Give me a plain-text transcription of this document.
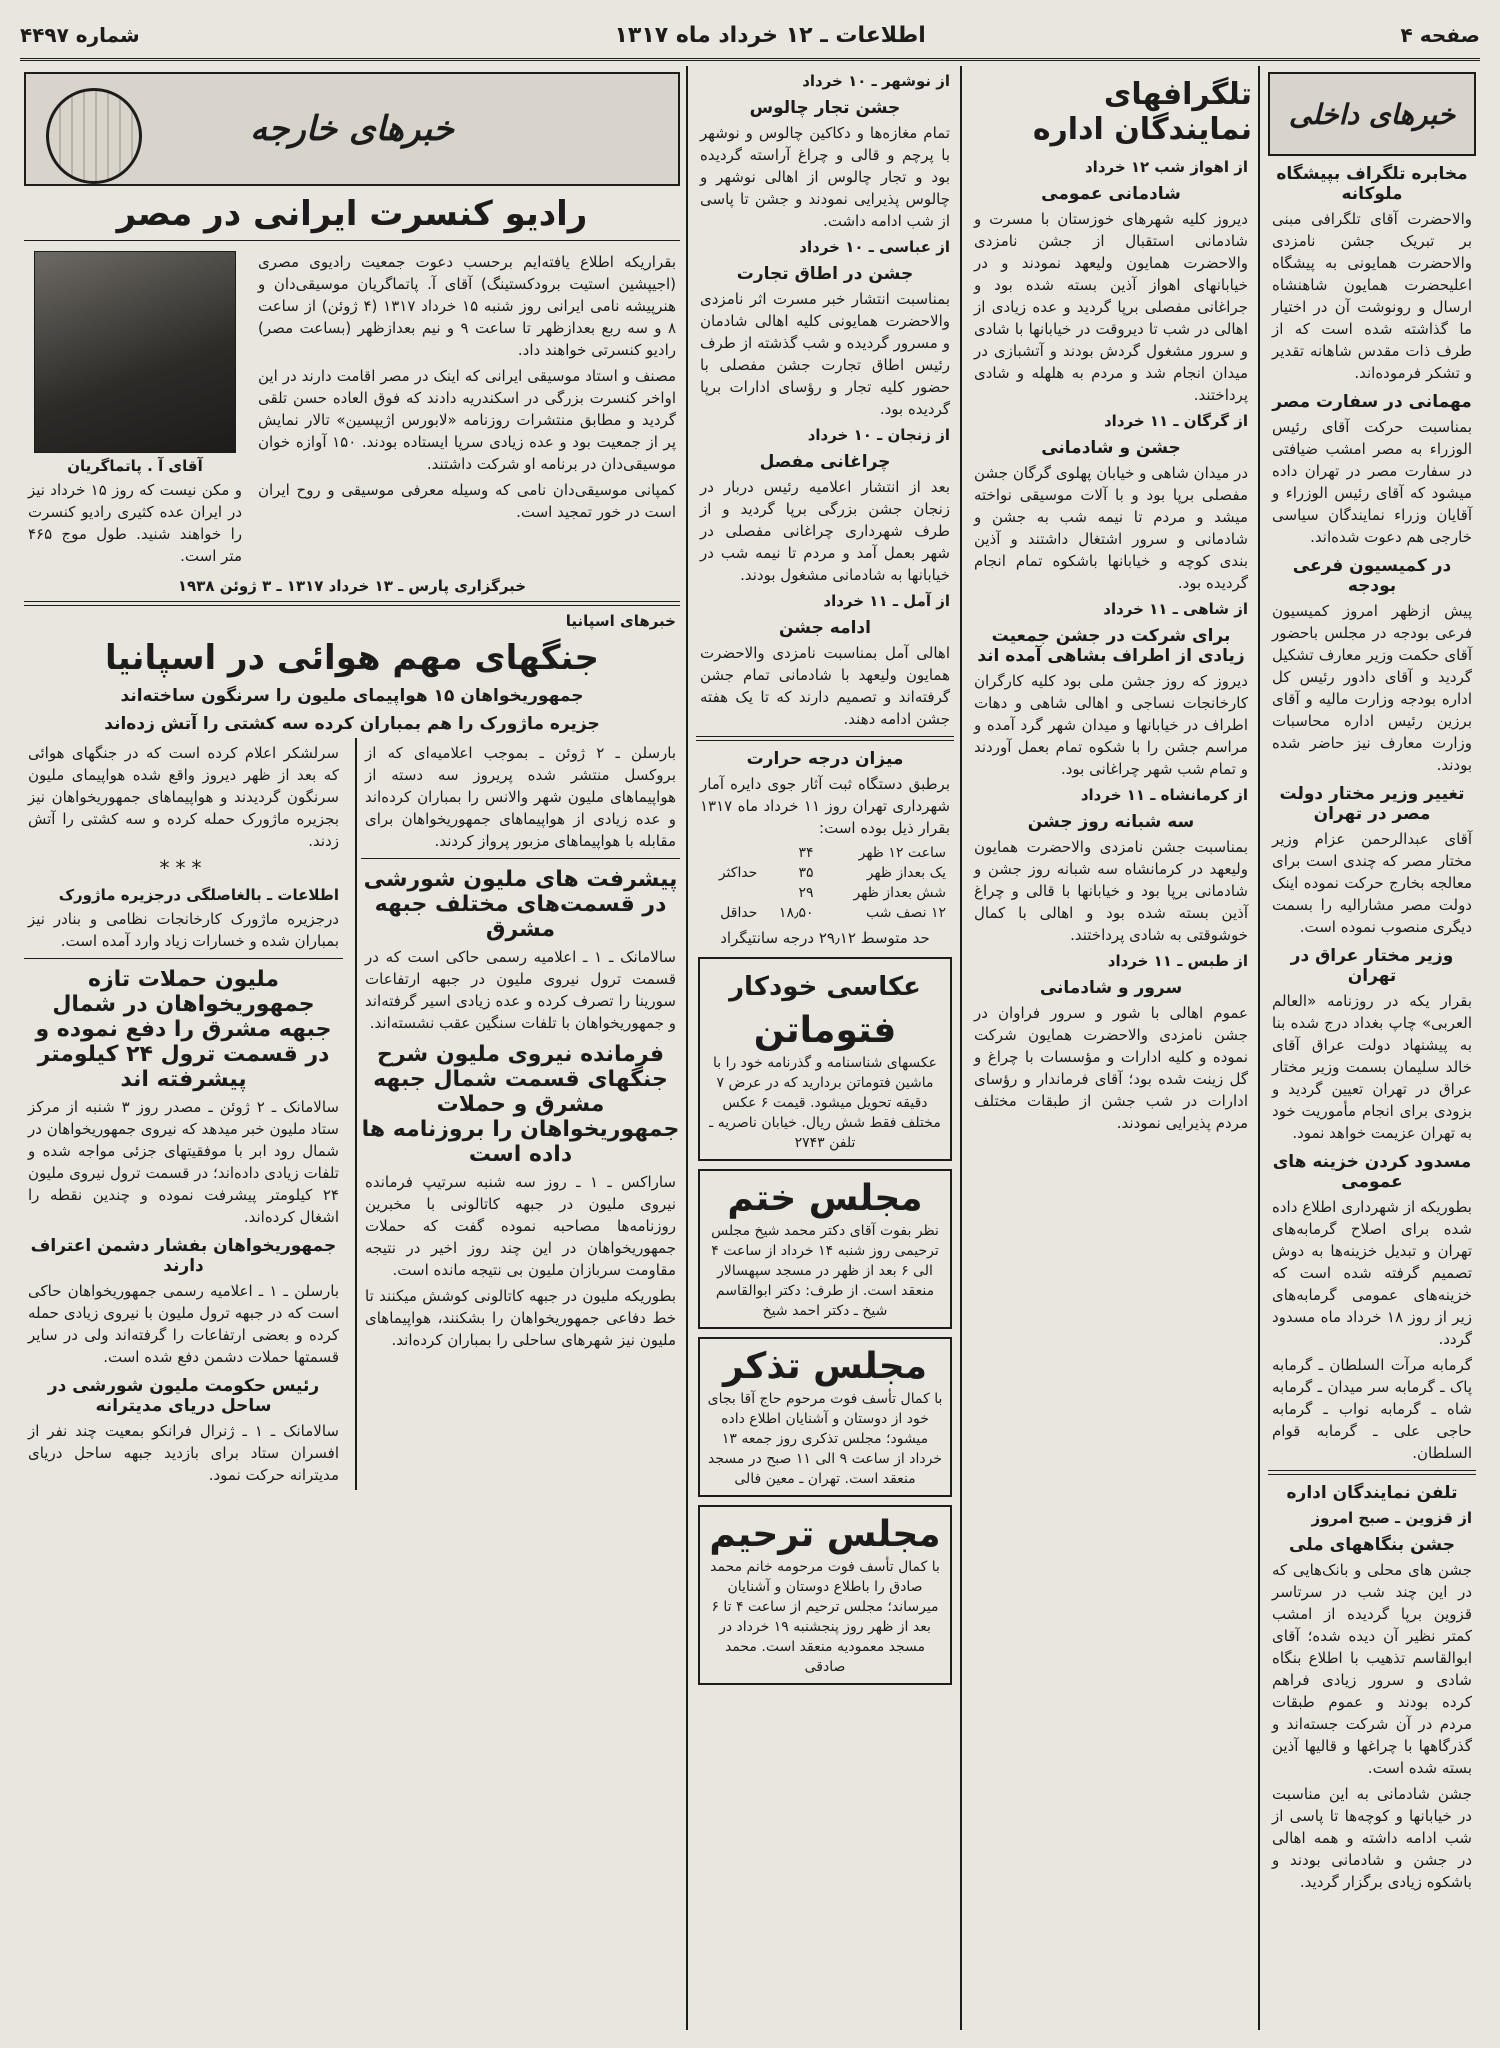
صفحه ۴
اطلاعات ـ ۱۲ خرداد ماه ۱۳۱۷
شماره ۴۴۹۷
خبرهای داخلی
مخابره تلگراف بپیشگاه ملوکانه
والاحضرت آقای تلگرافی مبنی بر تبریک جشن نامزدی والاحضرت همایونی به پیشگاه اعلیحضرت همایون شاهنشاه ارسال و رونوشت آن در اختیار ما گذاشته شده است که از طرف ذات مقدس شاهانه تقدیر و تشکر فرموده‌اند.
مهمانی در سفارت مصر
بمناسبت حرکت آقای رئیس الوزراء به مصر امشب ضیافتی در سفارت مصر در تهران داده میشود که آقای رئیس الوزراء و آقایان وزراء نمایندگان سیاسی خارجی هم دعوت شده‌اند.
در کمیسیون فرعی بودجه
پیش ازظهر امروز کمیسیون فرعی بودجه در مجلس باحضور آقای حکمت وزیر معارف تشکیل گردید و آقای دادور رئیس کل اداره بودجه وزارت مالیه و آقای برزین رئیس اداره محاسبات وزارت معارف نیز حاضر شده بودند.
تغییر وزیر مختار دولت مصر در تهران
آقای عبدالرحمن عزام وزیر مختار مصر که چندی است برای معالجه بخارج حرکت نموده اینک دولت مصر مشارالیه را بسمت دیگری منصوب نموده است.
وزیر مختار عراق در تهران
بقرار یکه در روزنامه «العالم العربی» چاپ بغداد درج شده بنا به پیشنهاد دولت عراق آقای خالد سلیمان بسمت وزیر مختار عراق در تهران تعیین گردید و بزودی برای انجام مأموریت خود به تهران عزیمت خواهد نمود.
مسدود کردن خزینه های عمومی
بطوریکه از شهرداری اطلاع داده شده برای اصلاح گرمابه‌های تهران و تبدیل خزینه‌ها به دوش تصمیم گرفته شده است که خزینه‌های عمومی گرمابه‌های زیر از روز ۱۸ خرداد ماه مسدود گردد.
گرمابه مرآت السلطان ـ گرمابه پاک ـ گرمابه سر میدان ـ گرمابه شاه ـ گرمابه نواب ـ گرمابه حاجی علی ـ گرمابه قوام السلطان.
تلفن نمایندگان اداره
از قزوین ـ صبح امروز
جشن بنگاههای ملی
جشن های محلی و بانک‌هایی که در این چند شب در سرتاسر قزوین برپا گردیده از امشب کمتر نظیر آن دیده شده؛ آقای ابوالقاسم تذهیب با اطلاع بنگاه شادی و سرور زیادی فراهم کرده بودند و عموم طبقات مردم در آن شرکت جسته‌اند و گذرگاهها با چراغها و قالیها آذین بسته شده است.
جشن شادمانی به این مناسبت در خیابانها و کوچه‌ها تا پاسی از شب ادامه داشته و همه اهالی در جشن و شادمانی بودند و باشکوه زیادی برگزار گردید.
تلگرافهای نمایندگان اداره
از اهواز شب ۱۲ خرداد
شادمانی عمومی
دیروز کلیه شهرهای خوزستان با مسرت و شادمانی استقبال از جشن نامزدی والاحضرت همایون ولیعهد نمودند و در خیابانهای اهواز آذین بسته شده بود و جراغانی مفصلی برپا گردید و عده زیادی از اهالی در شب تا دیروقت در خیابانها با شادی و سرور مشغول گردش بودند و آتشبازی در میدان انجام شد و مردم به هلهله و شادی پرداختند.
از گرگان ـ ۱۱ خرداد
جشن و شادمانی
در میدان شاهی و خیابان پهلوی گرگان جشن مفصلی برپا بود و با آلات موسیقی نواخته میشد و مردم تا نیمه شب به جشن و شادمانی و سرور اشتغال داشتند و آذین بندی کوچه و خیابانها باشکوه تمام انجام گردیده بود.
از شاهی ـ ۱۱ خرداد
برای شرکت در جشن جمعیت زیادی از اطراف بشاهی آمده اند
دیروز که روز جشن ملی بود کلیه کارگران کارخانجات نساجی و اهالی شاهی و دهات اطراف در خیابانها و میدان شهر گرد آمده و مراسم جشن را با شکوه تمام بعمل آوردند و تمام شب شهر چراغانی بود.
از کرمانشاه ـ ۱۱ خرداد
سه شبانه روز جشن
بمناسبت جشن نامزدی والاحضرت همایون ولیعهد در کرمانشاه سه شبانه روز جشن و شادمانی برپا بود و خیابانها با قالی و چراغ آذین بسته شده بود و اهالی با کمال خوشوقتی به شادی پرداختند.
از طبس ـ ۱۱ خرداد
سرور و شادمانی
عموم اهالی با شور و سرور فراوان در جشن نامزدی والاحضرت همایون شرکت نموده و کلیه ادارات و مؤسسات با چراغ و گل زینت شده بود؛ آقای فرماندار و رؤسای ادارات در شب جشن از طبقات مختلف مردم پذیرایی نمودند.
از نوشهر ـ ۱۰ خرداد
جشن تجار چالوس
تمام مغازه‌ها و دکاکین چالوس و نوشهر با پرچم و قالی و چراغ آراسته گردیده بود و تجار چالوس از اهالی نوشهر و چالوس پذیرایی نمودند و جشن تا پاسی از شب ادامه داشت.
از عباسی ـ ۱۰ خرداد
جشن در اطاق تجارت
بمناسبت انتشار خبر مسرت اثر نامزدی والاحضرت همایونی کلیه اهالی شادمان و مسرور گردیده و شب گذشته از طرف رئیس اطاق تجارت جشن مفصلی با حضور کلیه تجار و رؤسای ادارات برپا گردیده بود.
از زنجان ـ ۱۰ خرداد
چراغانی مفصل
بعد از انتشار اعلامیه رئیس دربار در زنجان جشن بزرگی برپا گردید و از طرف شهرداری چراغانی مفصلی در شهر بعمل آمد و مردم تا نیمه شب در خیابانها به شادمانی مشغول بودند.
از آمل ـ ۱۱ خرداد
ادامه جشن
اهالی آمل بمناسبت نامزدی والاحضرت همایون ولیعهد با شادمانی تمام جشن گرفته‌اند و تصمیم دارند که تا یک هفته جشن ادامه دهند.
میزان درجه حرارت
برطبق دستگاه ثبت آثار جوی دایره آمار شهرداری تهران روز ۱۱ خرداد ماه ۱۳۱۷ بقرار ذیل بوده است:
ساعت ۱۲ ظهر	۳۴	
یک بعداز ظهر	۳۵	حداکثر
شش بعداز ظهر	۲۹	
۱۲ نصف شب	۱۸٫۵۰	حداقل
حد متوسط ۲۹٫۱۲ درجه سانتیگراد
عکاسی خودکار
فتوماتن
عکسهای شناسنامه و گذرنامه خود را با ماشین فتوماتن بردارید که در عرض ۷ دقیقه تحویل میشود. قیمت ۶ عکس مختلف فقط شش ریال. خیابان ناصریه ـ تلفن ۲۷۴۳
مجلس ختم
نظر بفوت آقای دکتر محمد شیخ مجلس ترحیمی روز شنبه ۱۴ خرداد از ساعت ۴ الی ۶ بعد از ظهر در مسجد سپهسالار منعقد است. از طرف: دکتر ابوالقاسم شیخ ـ دکتر احمد شیخ
مجلس تذکر
با کمال تأسف فوت مرحوم حاج آقا بجای خود از دوستان و آشنایان اطلاع داده میشود؛ مجلس تذکری روز جمعه ۱۳ خرداد از ساعت ۹ الی ۱۱ صبح در مسجد منعقد است. تهران ـ معین فالی
مجلس ترحیم
با کمال تأسف فوت مرحومه خانم محمد صادق را باطلاع دوستان و آشنایان میرساند؛ مجلس ترحیم از ساعت ۴ تا ۶ بعد از ظهر روز پنجشنبه ۱۹ خرداد در مسجد معمودیه منعقد است. محمد صادقی
خبرهای خارجه
رادیو کنسرت ایرانی در مصر
بقراریکه اطلاع یافته‌ایم برحسب دعوت جمعیت رادیوی مصری (اجیپشین استیت برودکستینگ) آقای آ. پاتماگریان موسیقی‌دان و هنرپیشه نامی ایرانی روز شنبه ۱۵ خرداد ۱۳۱۷ (۴ ژوئن) از ساعت ۸ و سه ربع بعدازظهر تا ساعت ۹ و نیم بعدازظهر (بساعت مصر) رادیو کنسرتی خواهند داد.
مصنف و استاد موسیقی ایرانی که اینک در مصر اقامت دارند در این اواخر کنسرت بزرگی در اسکندریه دادند که فوق العاده حسن تلقی گردید و مطابق منتشرات روزنامه «لابورس اژیپسین» تالار نمایش پر از جمعیت بود و عده زیادی سرپا ایستاده بودند. ۱۵۰ آوازه خوان موسیقی‌دان در برنامه او شرکت داشتند.
کمپانی موسیقی‌دان نامی که وسیله معرفی موسیقی و روح ایران است در خور تمجید است.
آقای آ . پاتماگریان
و مکن نیست که روز ۱۵ خرداد نیز در ایران عده کثیری رادیو کنسرت را خواهند شنید. طول موج ۴۶۵ متر است.
خبرگزاری پارس ـ ۱۳ خرداد ۱۳۱۷ ـ ۳ ژوئن ۱۹۳۸
خبرهای اسپانیا
جنگهای مهم هوائی در اسپانیا
جمهوریخواهان ۱۵ هواپیمای ملیون را سرنگون ساخته‌اند
جزیره ماژورک را هم بمباران کرده سه کشتی را آتش زده‌اند
بارسلن ـ ۲ ژوئن ـ بموجب اعلامیه‌ای که از بروکسل منتشر شده پریروز سه دسته از هواپیماهای ملیون شهر والانس را بمباران کرده‌اند و عده زیادی از هواپیماهای جمهوریخواهان برای مقابله با هواپیماهای مزبور پرواز کردند.
پیشرفت های ملیون شورشی در قسمت‌های مختلف جبهه مشرق
سالامانک ـ ۱ ـ اعلامیه رسمی حاکی است که در قسمت ترول نیروی ملیون در جبهه ارتفاعات سورینا را تصرف کرده و عده زیادی اسیر گرفته‌اند و جمهوریخواهان با تلفات سنگین عقب نشسته‌اند.
فرمانده نیروی ملیون شرح جنگهای قسمت شمال جبهه مشرق و حملات جمهوریخواهان را بروزنامه ها داده است
ساراکس ـ ۱ ـ روز سه شنبه سرتیپ فرمانده نیروی ملیون در جبهه کاتالونی با مخبرین روزنامه‌ها مصاحبه نموده گفت که حملات جمهوریخواهان در این چند روز اخیر در نتیجه مقاومت سربازان ملیون بی نتیجه مانده است.
بطوریکه ملیون در جبهه کاتالونی کوشش میکنند تا خط دفاعی جمهوریخواهان را بشکنند، هواپیماهای ملیون نیز شهرهای ساحلی را بمباران کرده‌اند.
سرلشکر اعلام کرده است که در جنگهای هوائی که بعد از ظهر دیروز واقع شده هواپیمای ملیون سرنگون گردیدند و هواپیماهای جمهوریخواهان نیز بجزیره ماژورک حمله کرده و سه کشتی را آتش زدند.
***
اطلاعات ـ بالغاصلگی درجزیره ماژورک
درجزیره ماژورک کارخانجات نظامی و بنادر نیز بمباران شده و خسارات زیاد وارد آمده است.
مليون حملات تازه جمهوريخواهان در شمال جبهه مشرق را دفع نموده و در قسمت ترول ۲۴ کیلومتر پیشرفته اند
سالامانک ـ ۲ ژوئن ـ مصدر روز ۳ شنبه از مرکز ستاد ملیون خبر میدهد که نیروی جمهوریخواهان در شمال رود ابر با موفقیتهای جزئی مواجه شده و تلفات زیادی داده‌اند؛ در قسمت ترول نیروی ملیون ۲۴ کیلومتر پیشرفت نموده و چندین نقطه را اشغال کرده‌اند.
جمهوریخواهان بفشار دشمن اعتراف دارند
بارسلن ـ ۱ ـ اعلامیه رسمی جمهوریخواهان حاکی است که در جبهه ترول ملیون با نیروی زیادی حمله کرده و بعضی ارتفاعات را گرفته‌اند ولی در سایر قسمتها حملات دشمن دفع شده است.
رئیس حکومت ملیون شورشی در ساحل دریای مدیترانه
سالامانک ـ ۱ ـ ژنرال فرانکو بمعیت چند نفر از افسران ستاد برای بازدید جبهه ساحل دریای مدیترانه حرکت نمود.
